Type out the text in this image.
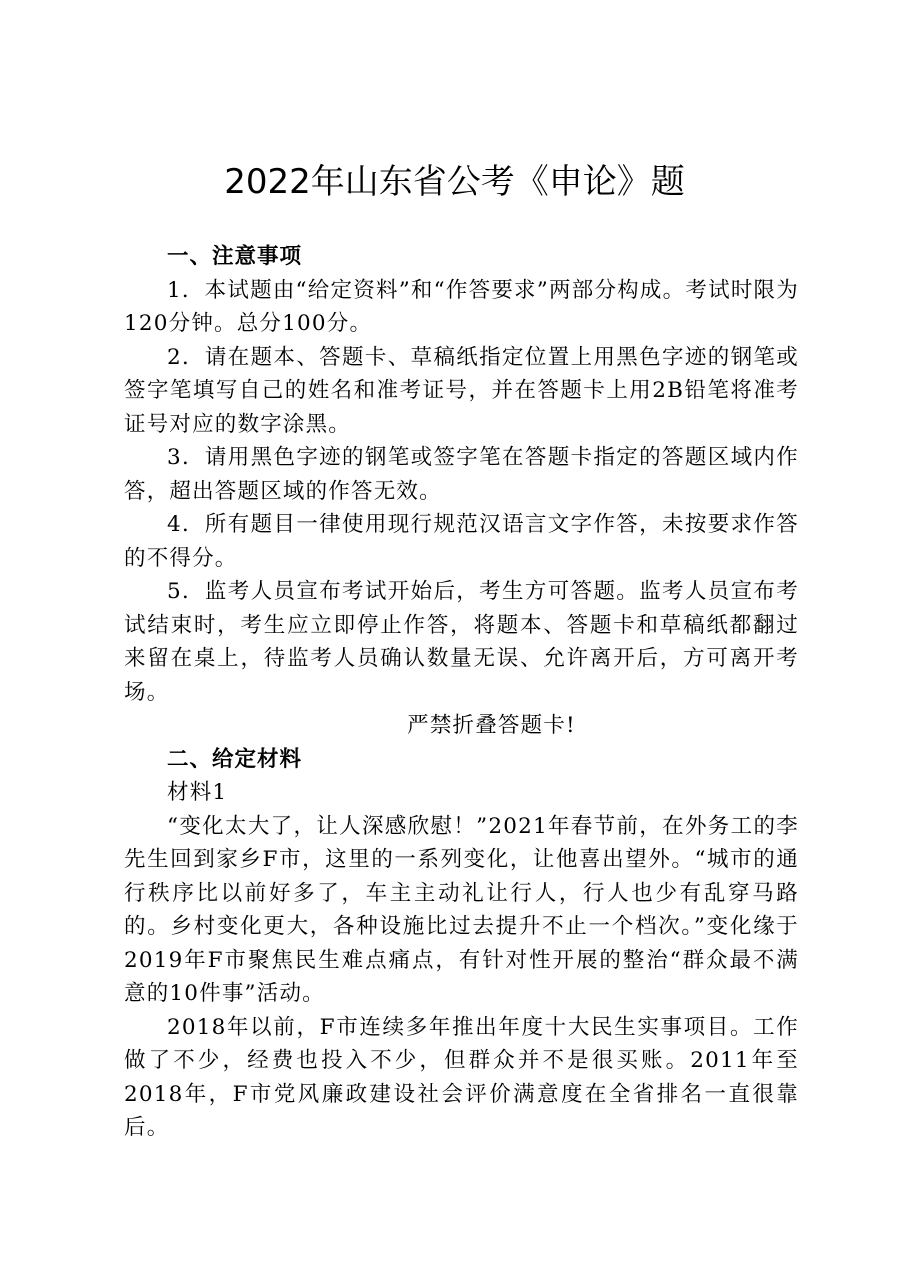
2022年山东省公考《申论》题
一、注意事项

1．本试题由“给定资料”和“作答要求”两部分构成。考试时限为120分钟。总分100分。

2．请在题本、答题卡、草稿纸指定位置上用黑色字迹的钢笔或签字笔填写自己的姓名和准考证号，并在答题卡上用2B铅笔将准考证号对应的数字涂黑。

3．请用黑色字迹的钢笔或签字笔在答题卡指定的答题区域内作答，超出答题区域的作答无效。

4．所有题目一律使用现行规范汉语言文字作答，未按要求作答的不得分。

5．监考人员宣布考试开始后，考生方可答题。监考人员宣布考试结束时，考生应立即停止作答，将题本、答题卡和草稿纸都翻过来留在桌上，待监考人员确认数量无误、允许离开后，方可离开考场。

严禁折叠答题卡!

二、给定材料

材料1

“变化太大了，让人深感欣慰！”2021年春节前，在外务工的李先生回到家乡F市，这里的一系列变化，让他喜出望外。“城市的通行秩序比以前好多了，车主主动礼让行人，行人也少有乱穿马路的。乡村变化更大，各种设施比过去提升不止一个档次。”变化缘于2019年F市聚焦民生难点痛点，有针对性开展的整治“群众最不满意的10件事”活动。

2018年以前，F市连续多年推出年度十大民生实事项目。工作做了不少，经费也投入不少，但群众并不是很买账。2011年至2018年，F市党风廉政建设社会评价满意度在全省排名一直很靠后。
